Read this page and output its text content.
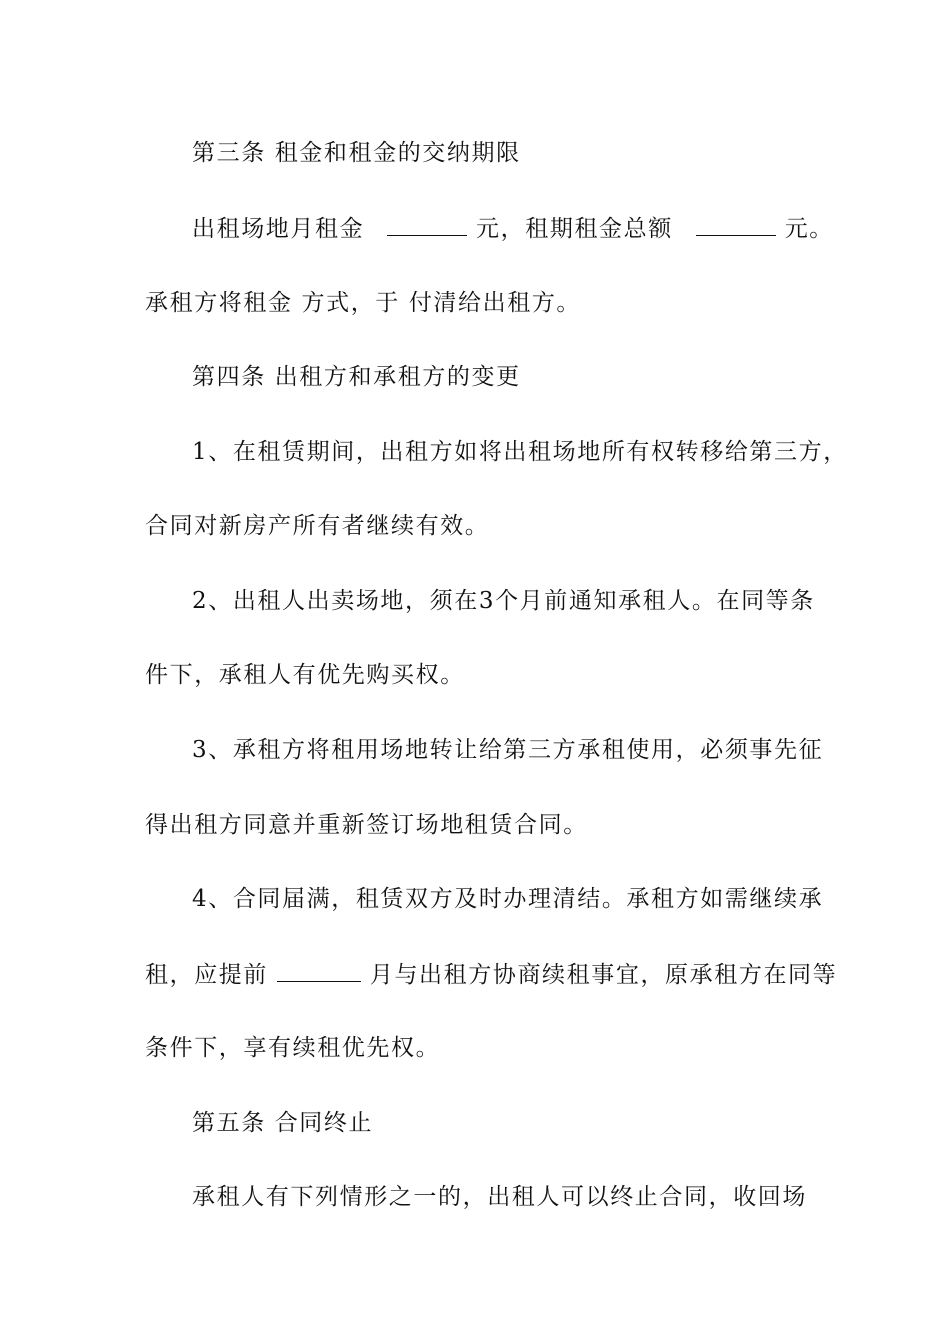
第三条 租金和租金的交纳期限
出租场地月租金	元，租期租金总额	元。
承租方将租金 方式，于 付清给出租方。
第四条 出租方和承租方的变更
1、在租赁期间，出租方如将出租场地所有权转移给第三方，
合同对新房产所有者继续有效。
2、出租人出卖场地，须在3个月前通知承租人。在同等条
件下，承租人有优先购买权。
3、承租方将租用场地转让给第三方承租使用，必须事先征
得出租方同意并重新签订场地租赁合同。
4、合同届满，租赁双方及时办理清结。承租方如需继续承
租，应提前	月与出租方协商续租事宜，原承租方在同等
条件下，享有续租优先权。
第五条 合同终止
承租人有下列情形之一的，出租人可以终止合同，收回场
